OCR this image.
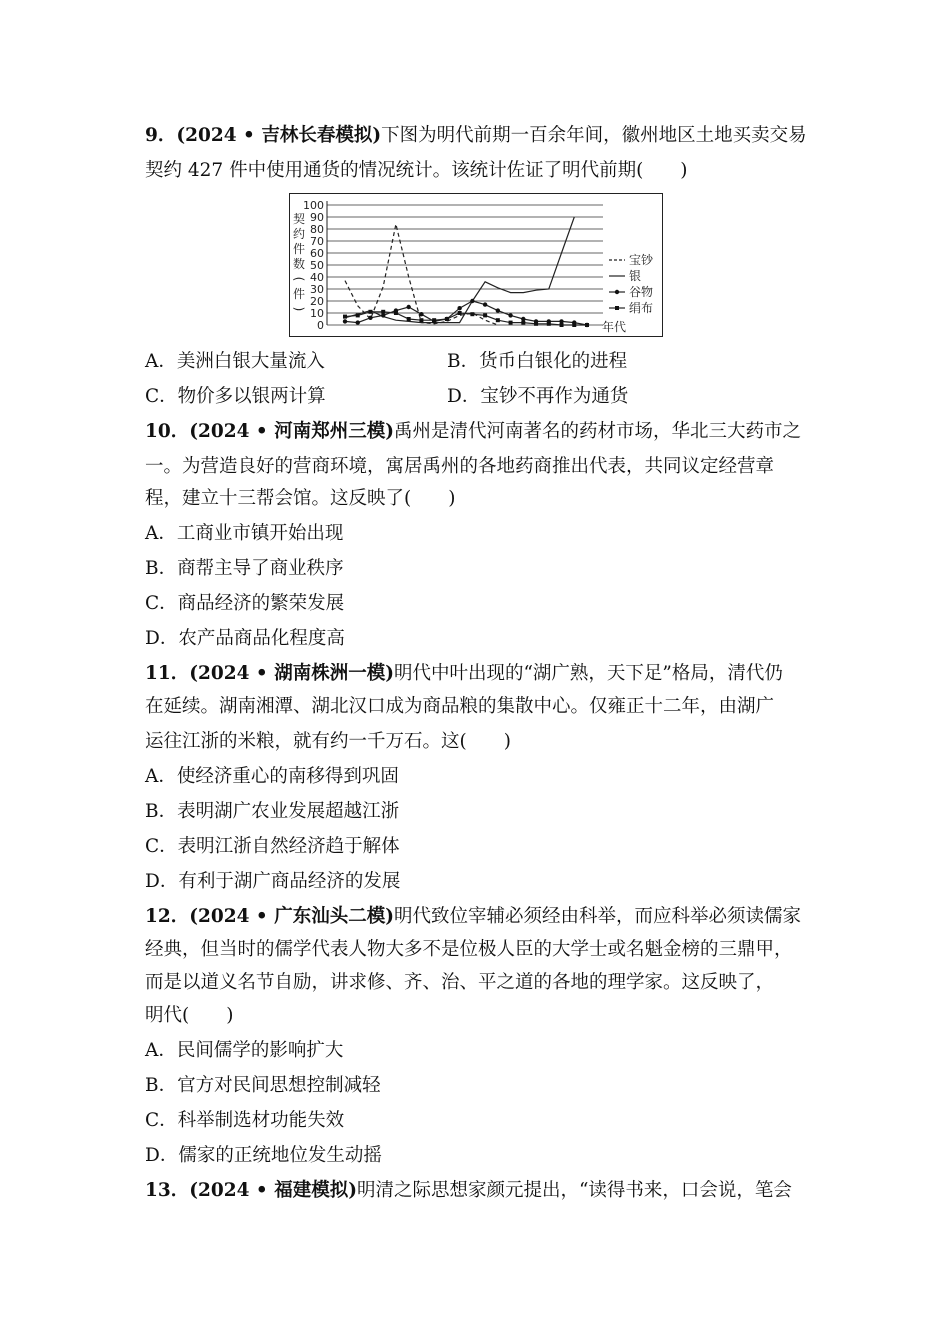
9．(2024 • 吉林长春模拟)下图为明代前期一百余年间，徽州地区土地买卖交易
契约 427 件中使用通货的情况统计。该统计佐证了明代前期(　　)
0
10
20
30
40
50
60
70
80
90
100
契
约
件
数
(
件
)
宝钞
银
谷物
绢布
年代
A．美洲白银大量流入	B．货币白银化的进程
C．物价多以银两计算	D．宝钞不再作为通货
10．(2024 • 河南郑州三模)禹州是清代河南著名的药材市场，华北三大药市之
一。为营造良好的营商环境，寓居禹州的各地药商推出代表，共同议定经营章
程，建立十三帮会馆。这反映了(　　)
A．工商业市镇开始出现
B．商帮主导了商业秩序
C．商品经济的繁荣发展
D．农产品商品化程度高
11．(2024 • 湖南株洲一模)明代中叶出现的“湖广熟，天下足”格局，清代仍
在延续。湖南湘潭、湖北汉口成为商品粮的集散中心。仅雍正十二年，由湖广
运往江浙的米粮，就有约一千万石。这(　　)
A．使经济重心的南移得到巩固
B．表明湖广农业发展超越江浙
C．表明江浙自然经济趋于解体
D．有利于湖广商品经济的发展
12．(2024 • 广东汕头二模)明代致位宰辅必须经由科举，而应科举必须读儒家
经典，但当时的儒学代表人物大多不是位极人臣的大学士或名魁金榜的三鼎甲，
而是以道义名节自励，讲求修、齐、治、平之道的各地的理学家。这反映了，
明代(　　)
A．民间儒学的影响扩大
B．官方对民间思想控制减轻
C．科举制选材功能失效
D．儒家的正统地位发生动摇
13．(2024 • 福建模拟)明清之际思想家颜元提出，“读得书来，口会说，笔会
